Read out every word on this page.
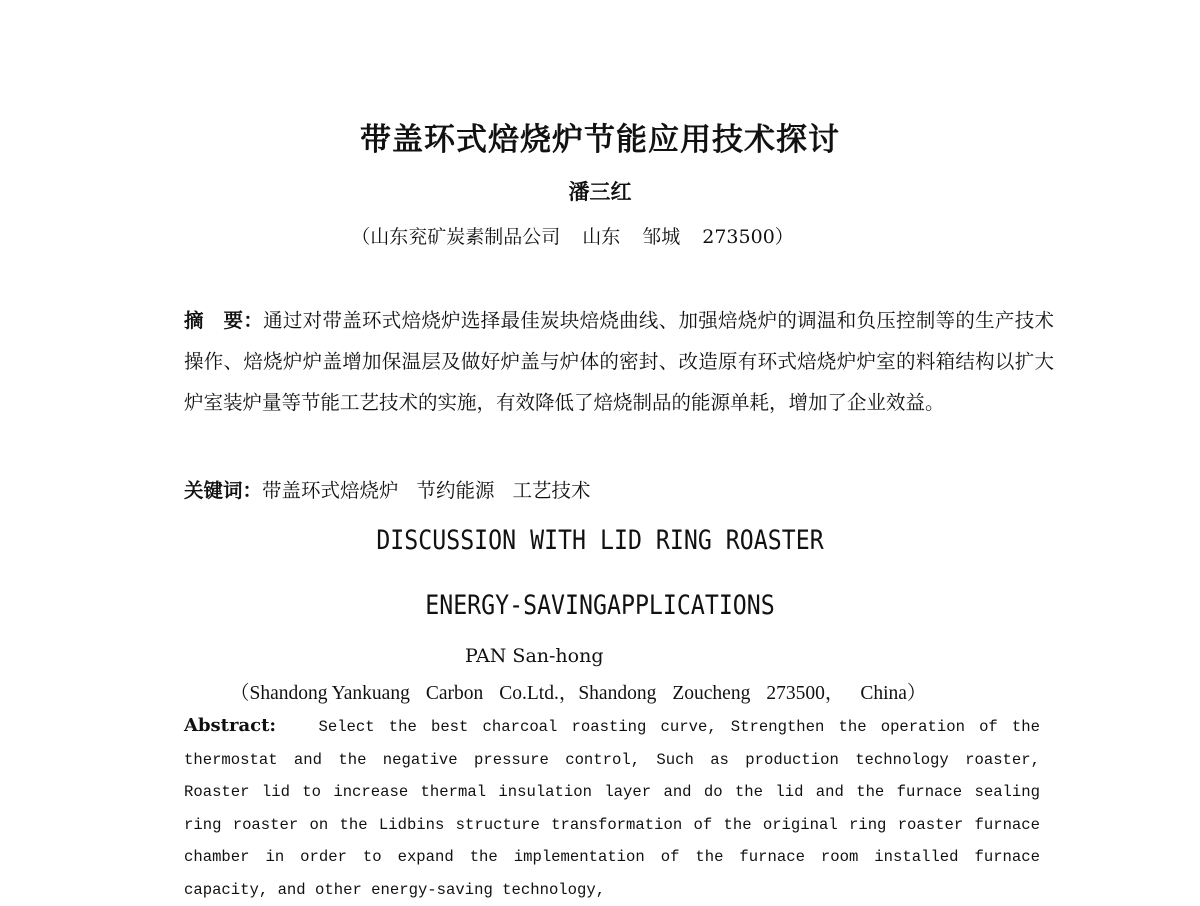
带盖环式焙烧炉节能应用技术探讨
潘三红
（山东兖矿炭素制品公司 山东 邹城 273500）

摘　要：通过对带盖环式焙烧炉选择最佳炭块焙烧曲线、加强焙烧炉的调温和负压控制等的生产技术操作、焙烧炉炉盖增加保温层及做好炉盖与炉体的密封、改造原有环式焙烧炉炉室的料箱结构以扩大炉室装炉量等节能工艺技术的实施，有效降低了焙烧制品的能源单耗，增加了企业效益。

关键词：带盖环式焙烧炉 节约能源 工艺技术
DISCUSSION WITH LID RING ROASTER
ENERGY-SAVINGAPPLICATIONS
PAN San-hong
（Shandong Yankuang Carbon Co.Ltd.，Shandong Zoucheng 273500， China）

Abstract:	Select the best charcoal roasting curve, Strengthen the operation of the thermostat and the negative pressure control, Such as production technology roaster, Roaster lid to increase thermal insulation layer and do the lid and the furnace sealing ring roaster on the Lidbins structure transformation of the original ring roaster furnace chamber in order to expand the implementation of the furnace room installed furnace capacity, and other energy-saving technology,
